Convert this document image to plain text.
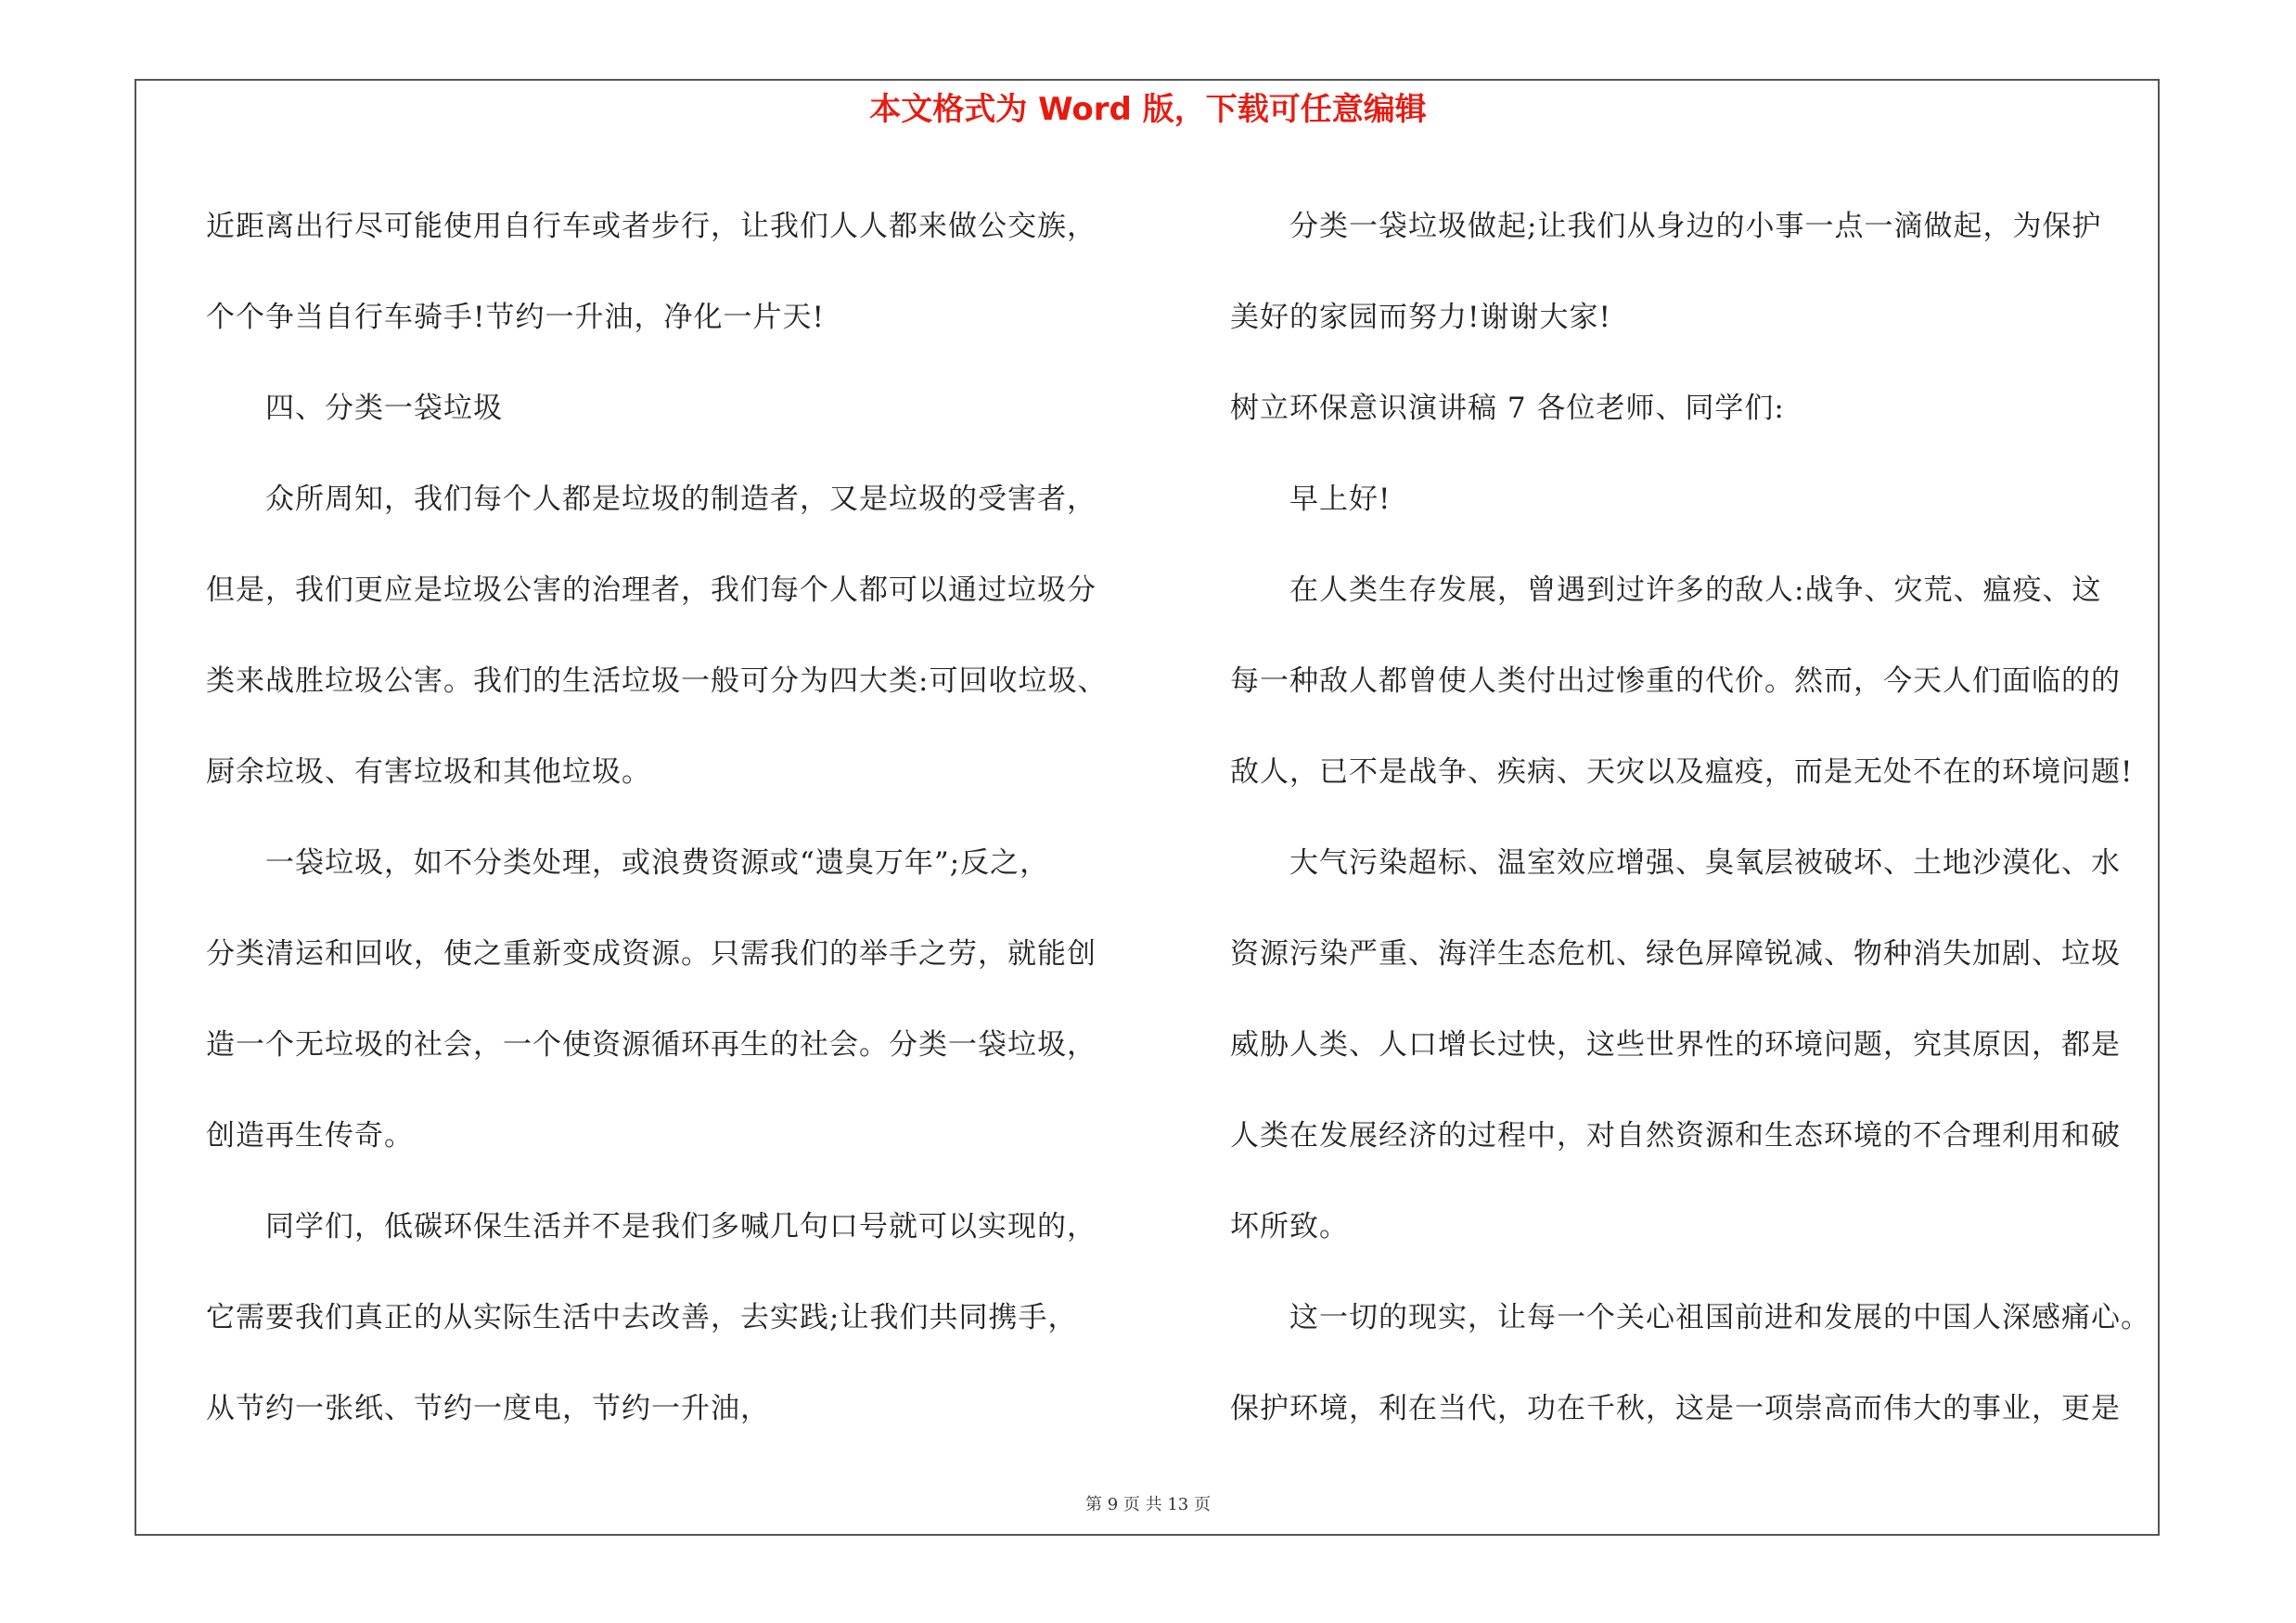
本文格式为 Word 版，下载可任意编辑
近距离出行尽可能使用自行车或者步行，让我们人人都来做公交族，
个个争当自行车骑手!节约一升油，净化一片天!
四、分类一袋垃圾
众所周知，我们每个人都是垃圾的制造者，又是垃圾的受害者，
但是，我们更应是垃圾公害的治理者，我们每个人都可以通过垃圾分
类来战胜垃圾公害。我们的生活垃圾一般可分为四大类:可回收垃圾、
厨余垃圾、有害垃圾和其他垃圾。
一袋垃圾，如不分类处理，或浪费资源或“遗臭万年”;反之，
分类清运和回收，使之重新变成资源。只需我们的举手之劳，就能创
造一个无垃圾的社会，一个使资源循环再生的社会。分类一袋垃圾，
创造再生传奇。
同学们，低碳环保生活并不是我们多喊几句口号就可以实现的，
它需要我们真正的从实际生活中去改善，去实践;让我们共同携手，
从节约一张纸、节约一度电，节约一升油，
分类一袋垃圾做起;让我们从身边的小事一点一滴做起，为保护
美好的家园而努力!谢谢大家!
树立环保意识演讲稿 7 各位老师、同学们:
早上好!
在人类生存发展，曾遇到过许多的敌人:战争、灾荒、瘟疫、这
每一种敌人都曾使人类付出过惨重的代价。然而，今天人们面临的的
敌人，已不是战争、疾病、天灾以及瘟疫，而是无处不在的环境问题!
大气污染超标、温室效应增强、臭氧层被破坏、土地沙漠化、水
资源污染严重、海洋生态危机、绿色屏障锐减、物种消失加剧、垃圾
威胁人类、人口增长过快，这些世界性的环境问题，究其原因，都是
人类在发展经济的过程中，对自然资源和生态环境的不合理利用和破
坏所致。
这一切的现实，让每一个关心祖国前进和发展的中国人深感痛心。
保护环境，利在当代，功在千秋，这是一项崇高而伟大的事业，更是
第 9 页 共 13 页
